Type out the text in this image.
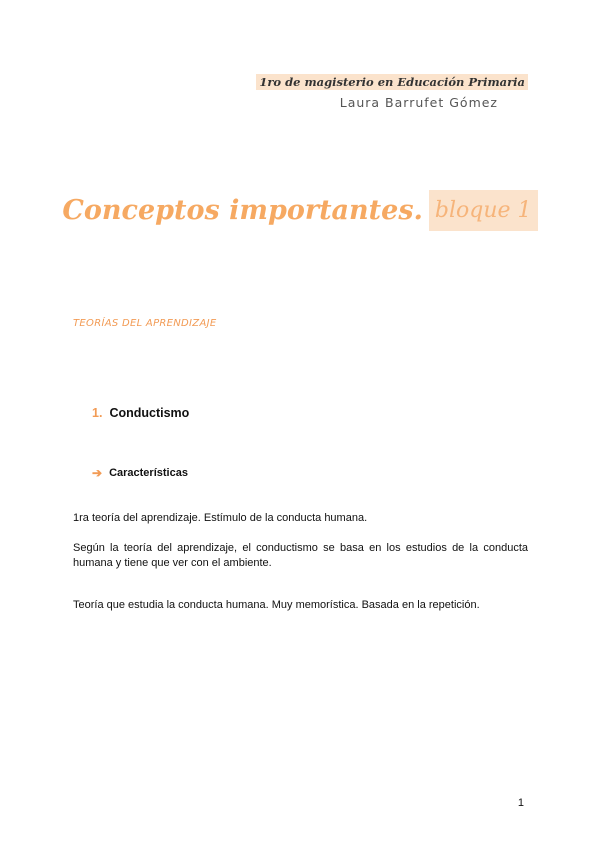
1ro de magisterio en Educación Primaria
Laura Barrufet Gómez
Conceptos importantes. bloque 1
TEORÍAS DEL APRENDIZAJE
1. Conductismo
➔ Características
1ra teoría del aprendizaje. Estímulo de la conducta humana.
Según la teoría del aprendizaje, el conductismo se basa en los estudios de la conducta humana y tiene que ver con el ambiente.
Teoría que estudia la conducta humana. Muy memorística. Basada en la repetición.
1
